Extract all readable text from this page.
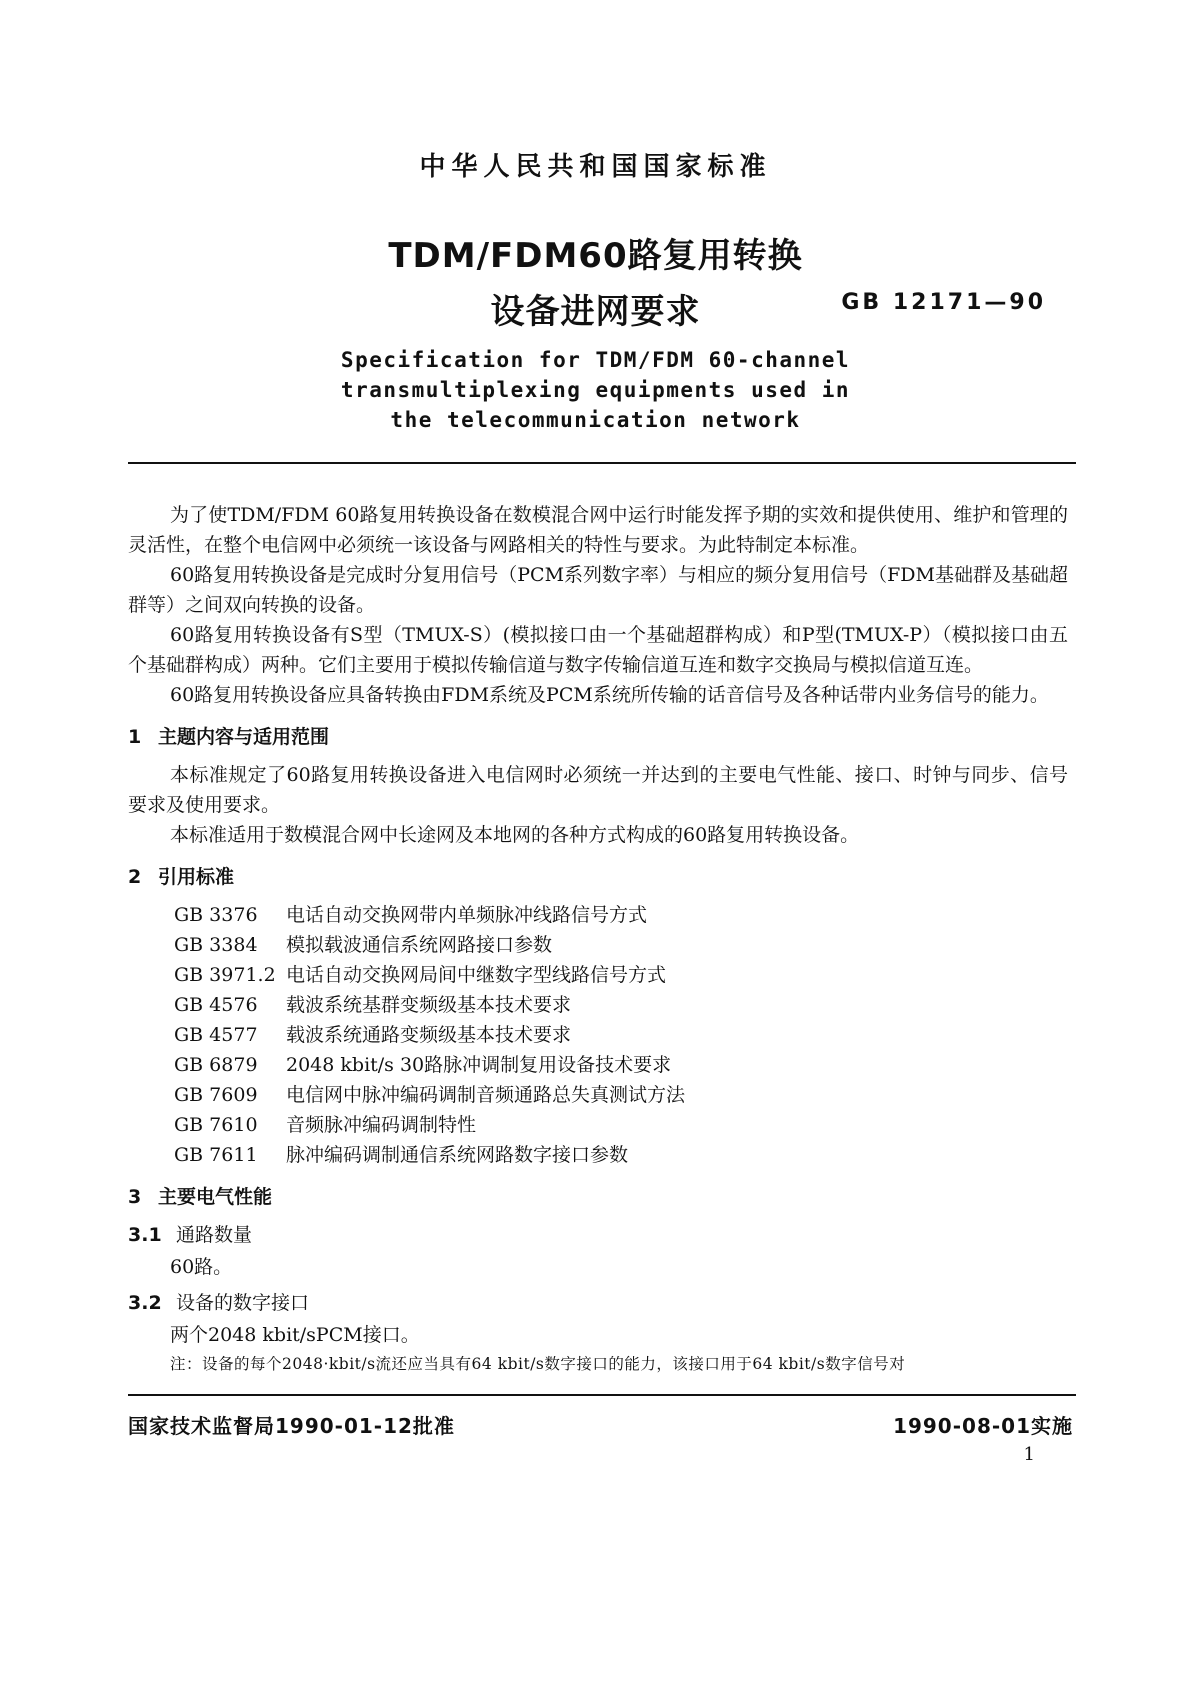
中华人民共和国国家标准
TDM/FDM60路复用转换
设备进网要求	GB 12171—90
Specification for TDM/FDM 60-channel
transmultiplexing equipments used in
the telecommunication network

为了使TDM/FDM 60路复用转换设备在数模混合网中运行时能发挥予期的实效和提供使用、维护和管理的灵活性，在整个电信网中必须统一该设备与网路相关的特性与要求。为此特制定本标准。

60路复用转换设备是完成时分复用信号（PCM系列数字率）与相应的频分复用信号（FDM基础群及基础超群等）之间双向转换的设备。

60路复用转换设备有S型（TMUX-S）(模拟接口由一个基础超群构成）和P型(TMUX-P）（模拟接口由五个基础群构成）两种。它们主要用于模拟传输信道与数字传输信道互连和数字交换局与模拟信道互连。

60路复用转换设备应具备转换由FDM系统及PCM系统所传输的话音信号及各种话带内业务信号的能力。

1 主题内容与适用范围

本标准规定了60路复用转换设备进入电信网时必须统一并达到的主要电气性能、接口、时钟与同步、信号要求及使用要求。

本标准适用于数模混合网中长途网及本地网的各种方式构成的60路复用转换设备。

2 引用标准
GB 3376	电话自动交换网带内单频脉冲线路信号方式
GB 3384	模拟载波通信系统网路接口参数
GB 3971.2 电话自动交换网局间中继数字型线路信号方式
GB 4576	载波系统基群变频级基本技术要求
GB 4577	载波系统通路变频级基本技术要求
GB 6879	2048 kbit/s 30路脉冲调制复用设备技术要求
GB 7609	电信网中脉冲编码调制音频通路总失真测试方法
GB 7610	音频脉冲编码调制特性
GB 7611	脉冲编码调制通信系统网路数字接口参数
3 主要电气性能
3.1 通路数量
60路。
3.2 设备的数字接口
两个2048 kbit/sPCM接口。

注：设备的每个2048·kbit/s流还应当具有64 kbit/s数字接口的能力，该接口用于64 kbit/s数字信号对

国家技术监督局1990-01-12批准	1990-08-01实施
1
